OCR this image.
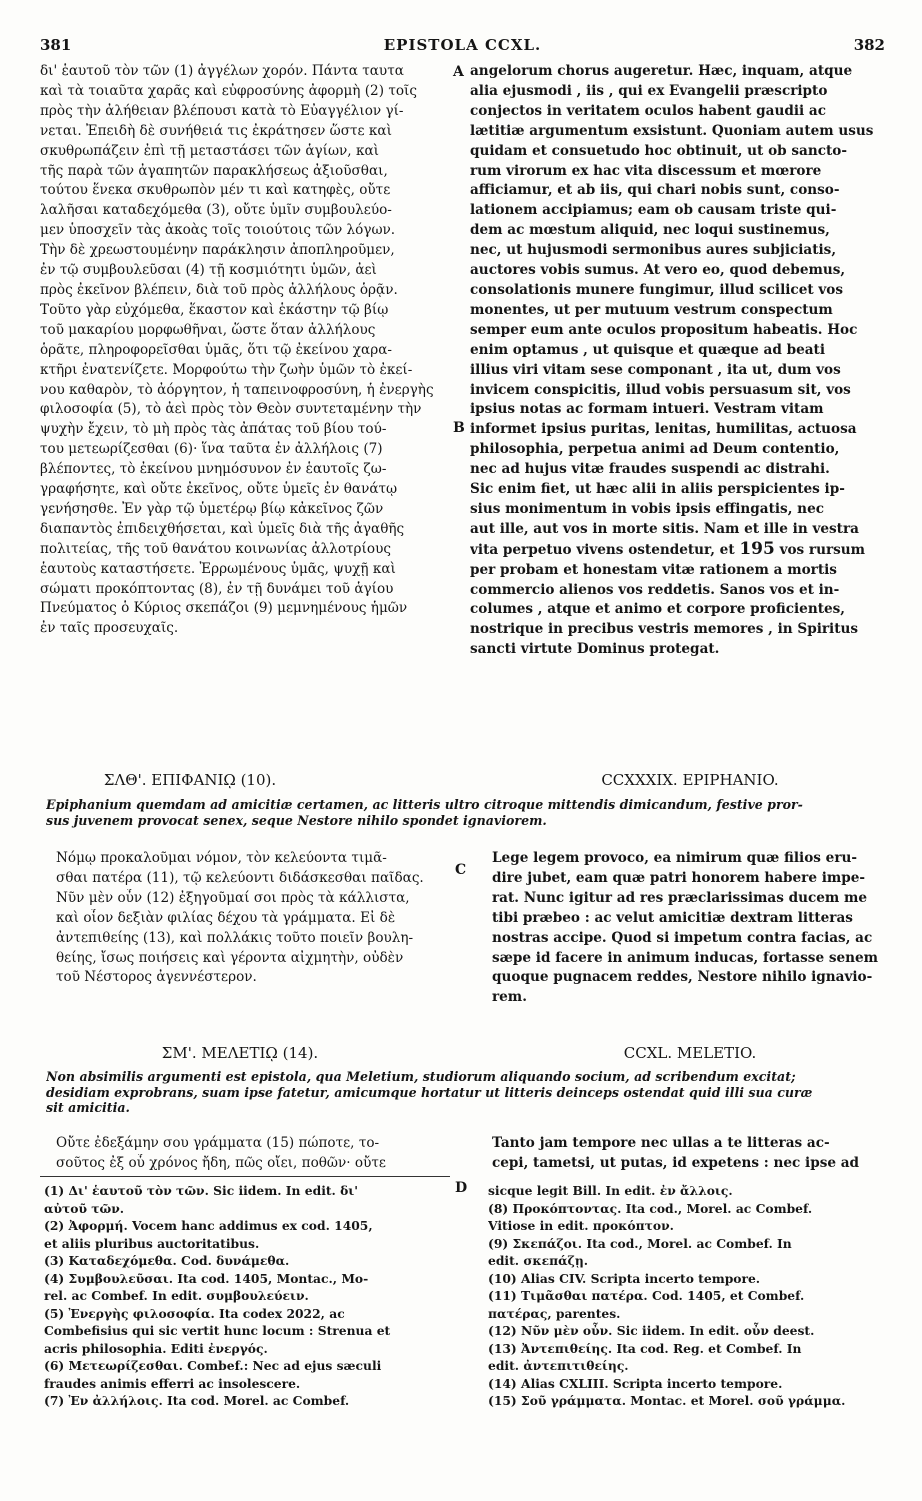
381	EPISTOLA CCXL.	382
δι' ἑαυτοῦ τὸν τῶν (1) ἀγγέλων χορόν. Πάντα ταυτα
καὶ τὰ τοιαῦτα χαρᾶς καὶ εὐφροσύνης ἀφορμὴ (2) τοῖς
πρὸς τὴν ἀλήθειαν βλέπουσι κατὰ τὸ Εὐαγγέλιον γί-
νεται. Ἐπειδὴ δὲ συνήθειά τις ἐκράτησεν ὥστε καὶ
σκυθρωπάζειν ἐπὶ τῇ μεταστάσει τῶν ἁγίων, καὶ
τῆς παρὰ τῶν ἀγαπητῶν παρακλήσεως ἀξιοῦσθαι,
τούτου ἕνεκα σκυθρωπὸν μέν τι καὶ κατηφὲς, οὔτε
λαλῆσαι καταδεχόμεθα (3), οὔτε ὑμῖν συμβουλεύο-
μεν ὑποσχεῖν τὰς ἀκοὰς τοῖς τοιούτοις τῶν λόγων.
Τὴν δὲ χρεωστουμένην παράκλησιν ἀποπληροῦμεν,
ἐν τῷ συμβουλεῦσαι (4) τῇ κοσμιότητι ὑμῶν, ἀεὶ
πρὸς ἐκεῖνον βλέπειν, διὰ τοῦ πρὸς ἀλλήλους ὁρᾷν.
Τοῦτο γὰρ εὐχόμεθα, ἕκαστον καὶ ἑκάστην τῷ βίῳ
τοῦ μακαρίου μορφωθῆναι, ὥστε ὅταν ἀλλήλους
ὁρᾶτε, πληροφορεῖσθαι ὑμᾶς, ὅτι τῷ ἐκείνου χαρα-
κτῆρι ἐνατενίζετε. Μορφούτω τὴν ζωὴν ὑμῶν τὸ ἐκεί-
νου καθαρὸν, τὸ ἀόργητον, ἡ ταπεινοφροσύνη, ἡ ἐνεργὴς
φιλοσοφία (5), τὸ ἀεὶ πρὸς τὸν Θεὸν συντεταμένην τὴν
ψυχὴν ἔχειν, τὸ μὴ πρὸς τὰς ἀπάτας τοῦ βίου τού-
του μετεωρίζεσθαι (6)· ἵνα ταῦτα ἐν ἀλλήλοις (7)
βλέποντες, τὸ ἐκείνου μνημόσυνον ἐν ἑαυτοῖς ζω-
γραφήσητε, καὶ οὔτε ἐκεῖνος, οὔτε ὑμεῖς ἐν θανάτῳ
γενήσησθε. Ἐν γὰρ τῷ ὑμετέρῳ βίῳ κἀκεῖνος ζῶν
διαπαντὸς ἐπιδειχθήσεται, καὶ ὑμεῖς διὰ τῆς ἀγαθῆς
πολιτείας, τῆς τοῦ θανάτου κοινωνίας ἀλλοτρίους
ἑαυτοὺς καταστήσετε. Ἐρρωμένους ὑμᾶς, ψυχῇ καὶ
σώματι προκόπτοντας (8), ἐν τῇ δυνάμει τοῦ ἁγίου
Πνεύματος ὁ Κύριος σκεπάζοι (9) μεμνημένους ἡμῶν
ἐν ταῖς προσευχαῖς.
A
B
angelorum chorus augeretur. Hæc, inquam, atque
alia ejusmodi , iis , qui ex Evangelii præscripto
conjectos in veritatem oculos habent gaudii ac
lætitiæ argumentum exsistunt. Quoniam autem usus
quidam et consuetudo hoc obtinuit, ut ob sancto-
rum virorum ex hac vita discessum et mœrore
afficiamur, et ab iis, qui chari nobis sunt, conso-
lationem accipiamus; eam ob causam triste qui-
dem ac mœstum aliquid, nec loqui sustinemus,
nec, ut hujusmodi sermonibus aures subjiciatis,
auctores vobis sumus. At vero eo, quod debemus,
consolationis munere fungimur, illud scilicet vos
monentes, ut per mutuum vestrum conspectum
semper eum ante oculos propositum habeatis. Hoc
enim optamus , ut quisque et quæque ad beati
illius viri vitam sese componant , ita ut, dum vos
invicem conspicitis, illud vobis persuasum sit, vos
ipsius notas ac formam intueri. Vestram vitam
informet ipsius puritas, lenitas, humilitas, actuosa
philosophia, perpetua animi ad Deum contentio,
nec ad hujus vitæ fraudes suspendi ac distrahi.
Sic enim fiet, ut hæc alii in aliis perspicientes ip-
sius monimentum in vobis ipsis effingatis, nec
aut ille, aut vos in morte sitis. Nam et ille in vestra
vita perpetuo vivens ostendetur, et 195 vos rursum
per probam et honestam vitæ rationem a mortis
commercio alienos vos reddetis. Sanos vos et in-
columes , atque et animo et corpore proficientes,
nostrique in precibus vestris memores , in Spiritus
sancti virtute Dominus protegat.
ΣΛΘ'. ΕΠΙΦΑΝΙῼ (10).	CCXXXIX. EPIPHANIO.
Epiphanium quemdam ad amicitiæ certamen, ac litteris ultro citroque mittendis dimicandum, festive pror-
sus juvenem provocat senex, seque Nestore nihilo spondet ignaviorem.
Νόμῳ προκαλοῦμαι νόμον, τὸν κελεύοντα τιμᾶ-
σθαι πατέρα (11), τῷ κελεύοντι διδάσκεσθαι παῖδας.
Νῦν μὲν οὖν (12) ἐξηγοῦμαί σοι πρὸς τὰ κάλλιστα,
καὶ οἷον δεξιὰν φιλίας δέχου τὰ γράμματα. Εἰ δὲ
ἀντεπιθείης (13), καὶ πολλάκις τοῦτο ποιεῖν βουλη-
θείης, ἴσως ποιήσεις καὶ γέροντα αἰχμητὴν, οὐδὲν
τοῦ Νέστορος ἀγεννέστερον.
C
Lege legem provoco, ea nimirum quæ filios eru-
dire jubet, eam quæ patri honorem habere impe-
rat. Nunc igitur ad res præclarissimas ducem me
tibi præbeo : ac velut amicitiæ dextram litteras
nostras accipe. Quod si impetum contra facias, ac
sæpe id facere in animum inducas, fortasse senem
quoque pugnacem reddes, Nestore nihilo ignavio-
rem.
ΣΜ'. ΜΕΛΕΤΙῼ (14).	CCXL. MELETIO.
Non absimilis argumenti est epistola, qua Meletium, studiorum aliquando socium, ad scribendum excitat;
desidiam exprobrans, suam ipse fatetur, amicumque hortatur ut litteris deinceps ostendat quid illi sua curæ
sit amicitia.
Οὔτε ἐδεξάμην σου γράμματα (15) πώποτε, το-
σοῦτος ἐξ οὗ χρόνος ἤδη, πῶς οἴει, ποθῶν· οὔτε
Tanto jam tempore nec ullas a te litteras ac-
cepi, tametsi, ut putas, id expetens : nec ipse ad
D
(1) Δι' ἑαυτοῦ τὸν τῶν. Sic iidem. In edit. δι'
αὐτοῦ τῶν.
(2) Ἀφορμή. Vocem hanc addimus ex cod. 1405,
et aliis pluribus auctoritatibus.
(3) Καταδεχόμεθα. Cod. δυνάμεθα.
(4) Συμβουλεῦσαι. Ita cod. 1405, Montac., Mo-
rel. ac Combef. In edit. συμβουλεύειν.
(5) Ἐνεργὴς φιλοσοφία. Ita codex 2022, ac
Combefisius qui sic vertit hunc locum : Strenua et
acris philosophia. Editi ἐνεργός.
(6) Μετεωρίζεσθαι. Combef.: Nec ad ejus sæculi
fraudes animis efferri ac insolescere.
(7) Ἐν ἀλλήλοις. Ita cod. Morel. ac Combef.
sicque legit Bill. In edit. ἐν ἄλλοις.
(8) Προκόπτοντας. Ita cod., Morel. ac Combef.
Vitiose in edit. προκόπτον.
(9) Σκεπάζοι. Ita cod., Morel. ac Combef. In
edit. σκεπάζῃ.
(10) Alias CIV. Scripta incerto tempore.
(11) Τιμᾶσθαι πατέρα. Cod. 1405, et Combef.
πατέρας, parentes.
(12) Νῦν μὲν οὖν. Sic iidem. In edit. οὖν deest.
(13) Ἀντεπιθείης. Ita cod. Reg. et Combef. In
edit. ἀντεπιτιθείης.
(14) Alias CXLIII. Scripta incerto tempore.
(15) Σοῦ γράμματα. Montac. et Morel. σοῦ γράμμα.
